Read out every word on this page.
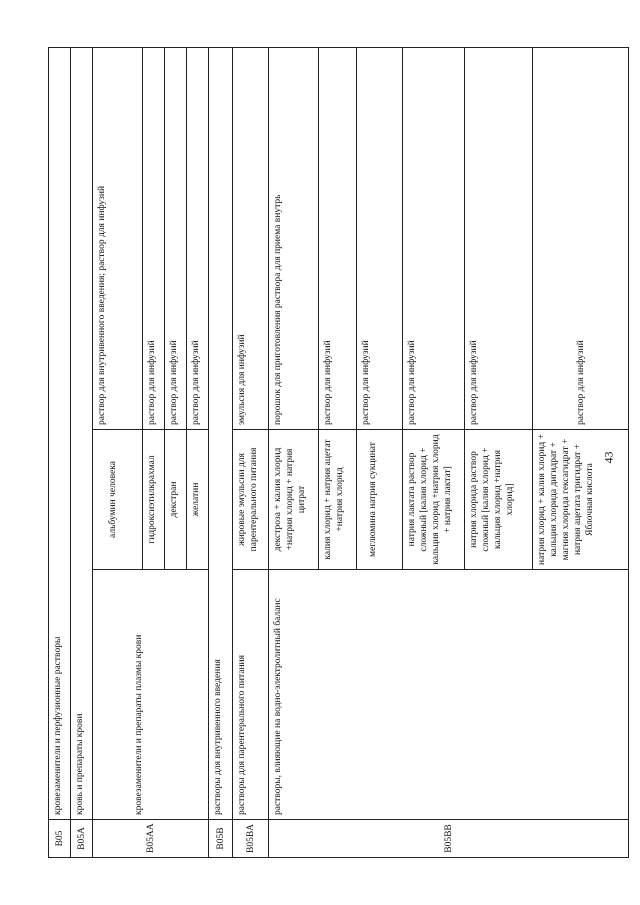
B05	кровезаменители и перфузионные растворы		
B05A	кровь и препараты крови		
B05AA	кровезаменители и препараты плазмы крови	альбумин человека	раствор для внутривенного введения; раствор для инфузий
		гидроксиэтилкрахмал	раствор для инфузий
		декстран	раствор для инфузий
		желатин	раствор для инфузий
B05B	растворы для внутривенного введения		
B05BA	растворы для парентерального питания	жировые эмульсии для парентерального питания	эмульсия для инфузий
B05BB	растворы, влияющие на водно-электролитный баланс	декстроза + калия хлорид +натрия хлорид + натрия цитрат	порошок для приготовления раствора для приема внутрь
		калия хлорид + натрия ацетат +натрия хлорид	раствор для инфузий
		меглюмина натрия сукцинат	раствор для инфузий
		натрия лактата раствор сложный [калия хлорид + кальция хлорид +натрия хлорид + натрия лактат]	раствор для инфузий
		натрия хлорида раствор сложный [калия хлорид + кальция хлорид +натрия хлорид]	раствор для инфузий
		натрия хлорид + калия хлорид + кальция хлорида дигидрат + магния хлорида гексагидрат + натрия ацетата тригидрат + Яблочная кислота	раствор для инфузий
43
